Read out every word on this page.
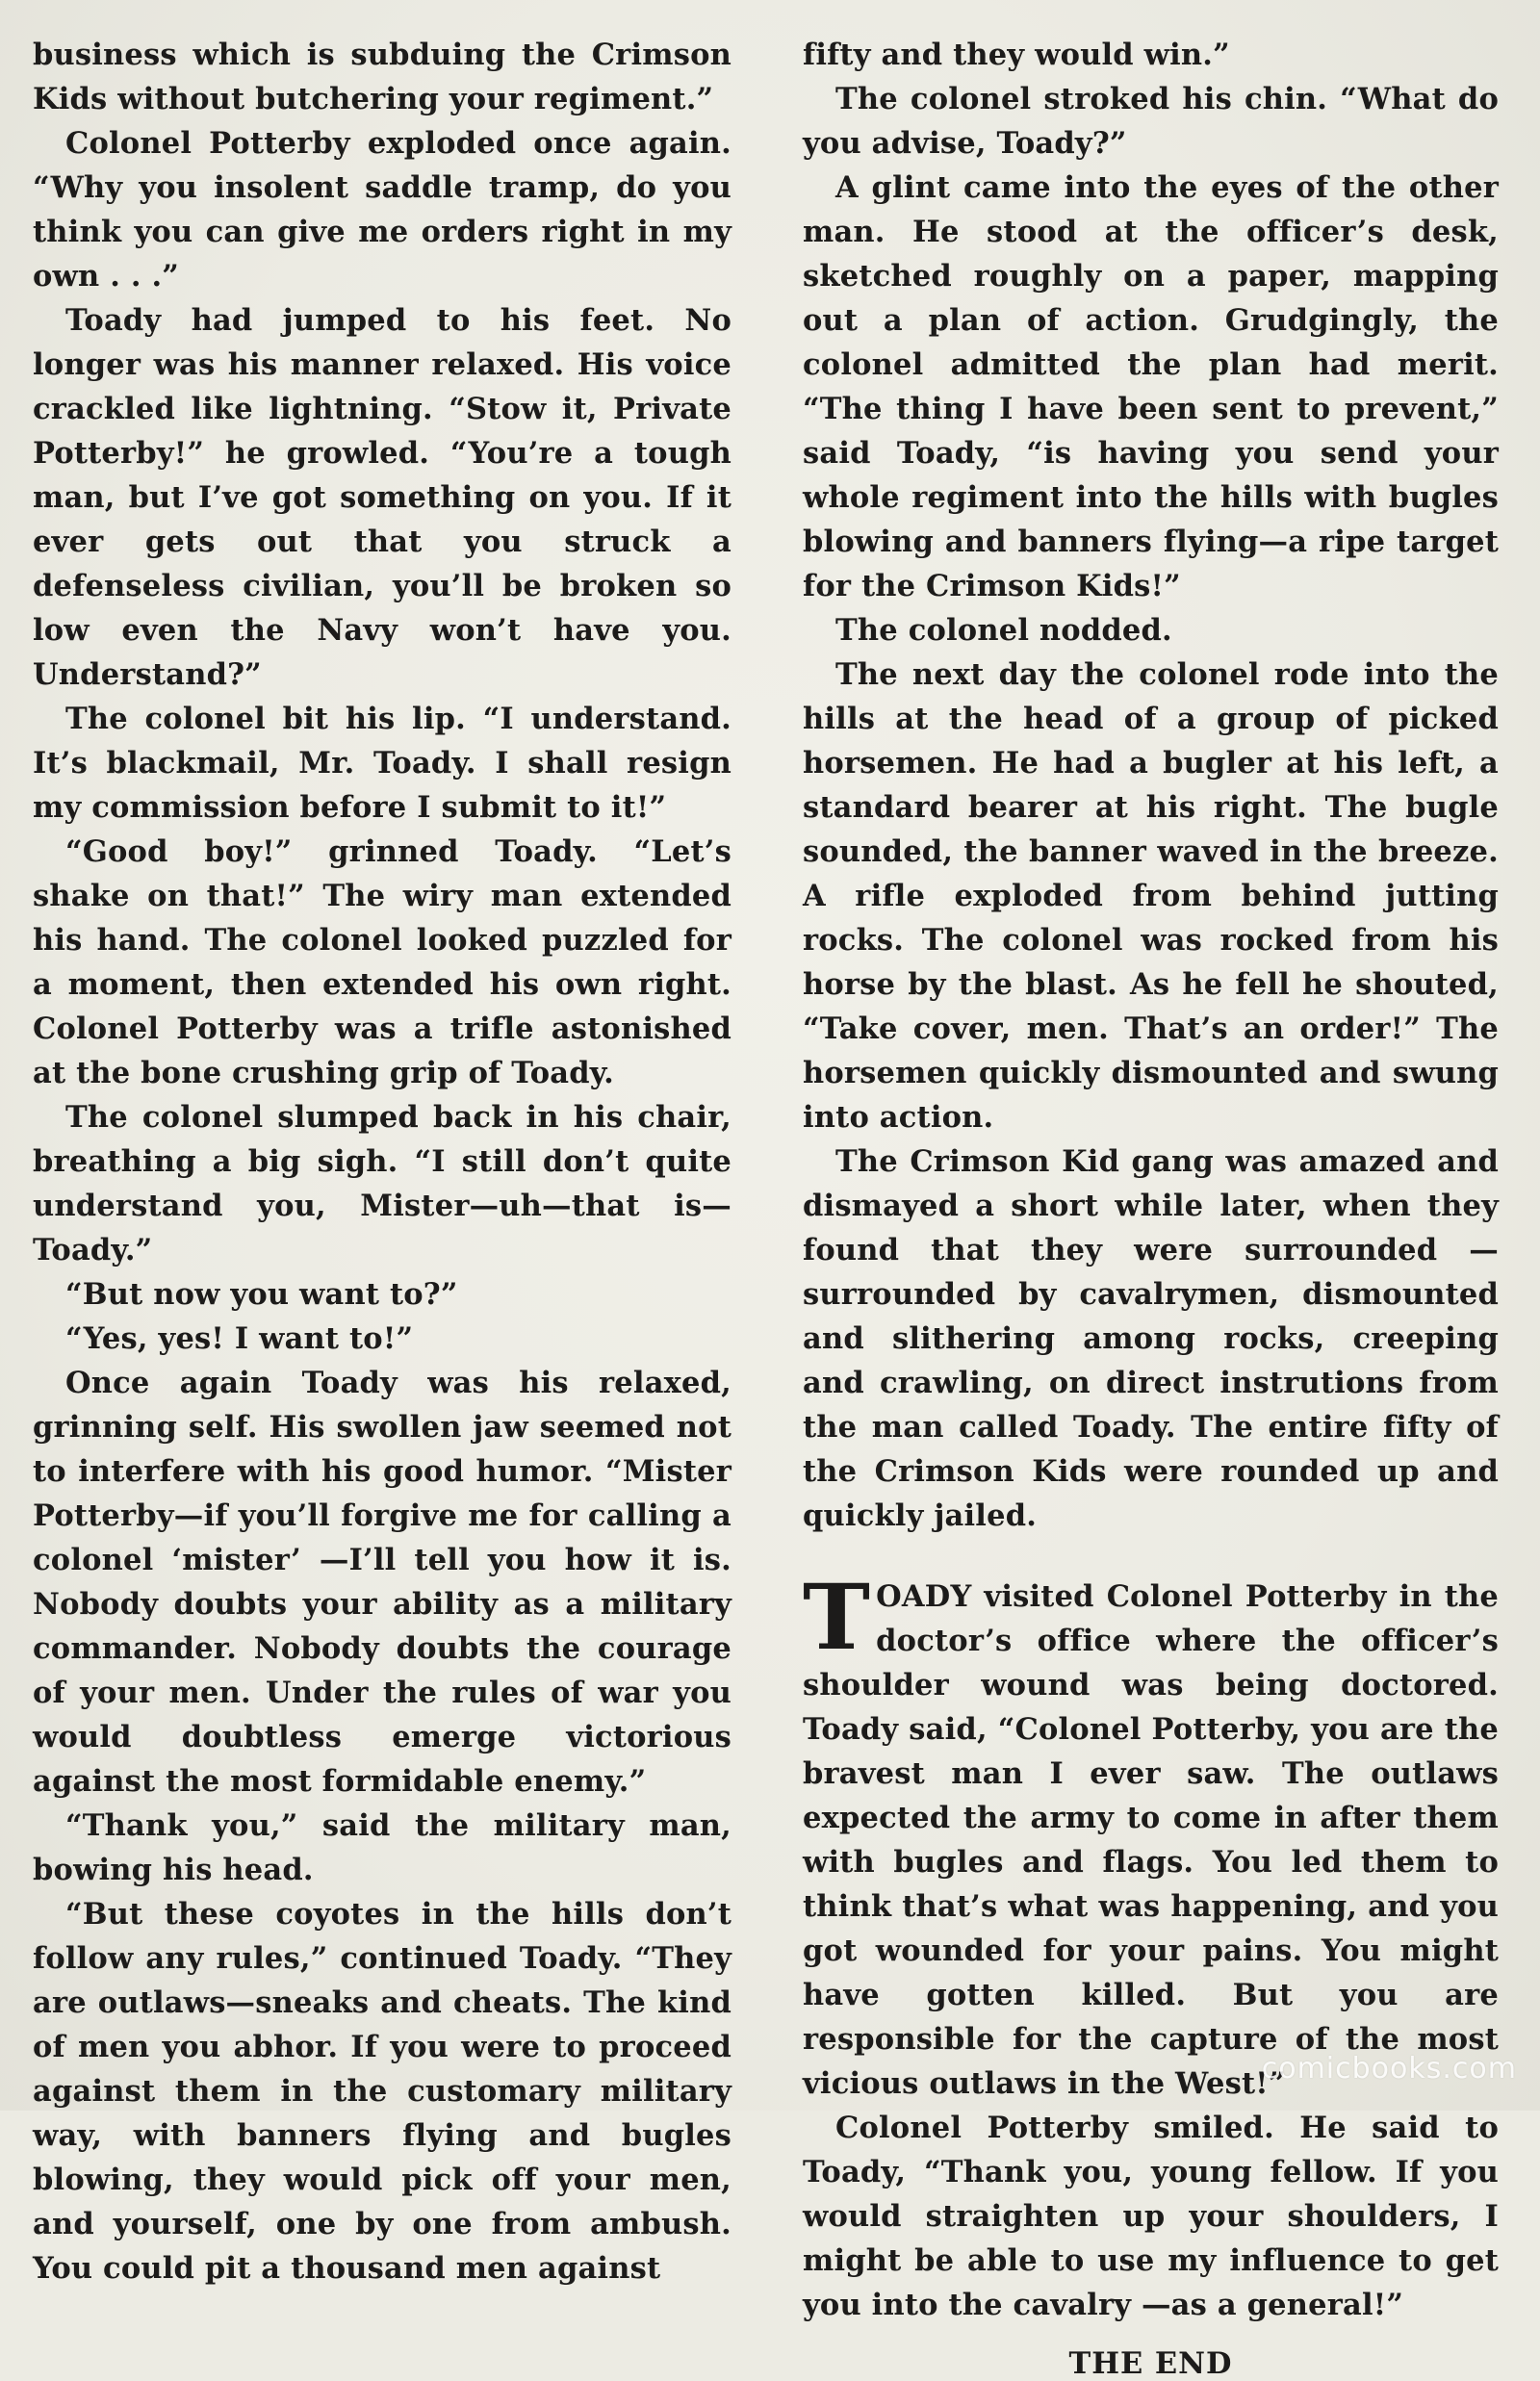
business which is subduing the Crimson Kids without butchering your regiment.”

Colonel Potterby exploded once again. “Why you insolent saddle tramp, do you think you can give me orders right in my own . . .”

Toady had jumped to his feet. No longer was his manner relaxed. His voice crackled like lightning. “Stow it, Private Potterby!” he growled. “You’re a tough man, but I’ve got something on you. If it ever gets out that you struck a defenseless civilian, you’ll be broken so low even the Navy won’t have you. Understand?”

The colonel bit his lip. “I understand. It’s blackmail, Mr. Toady. I shall resign my commission before I submit to it!”

“Good boy!” grinned Toady. “Let’s shake on that!” The wiry man extended his hand. The colonel looked puzzled for a moment, then extended his own right. Colonel Potterby was a trifle astonished at the bone crushing grip of Toady.

The colonel slumped back in his chair, breathing a big sigh. “I still don’t quite understand you, Mister—uh—that is—Toady.”

“But now you want to?”

“Yes, yes! I want to!”

Once again Toady was his relaxed, grinning self. His swollen jaw seemed not to interfere with his good humor. “Mister Potterby—if you’ll forgive me for calling a colonel ‘mister’ —I’ll tell you how it is. Nobody doubts your ability as a military commander. Nobody doubts the courage of your men. Under the rules of war you would doubtless emerge victorious against the most formidable enemy.”

“Thank you,” said the military man, bowing his head.

“But these coyotes in the hills don’t follow any rules,” continued Toady. “They are outlaws—sneaks and cheats. The kind of men you abhor. If you were to proceed against them in the customary military way, with banners flying and bugles blowing, they would pick off your men, and yourself, one by one from ambush. You could pit a thousand men against

fifty and they would win.”

The colonel stroked his chin. “What do you advise, Toady?”

A glint came into the eyes of the other man. He stood at the officer’s desk, sketched roughly on a paper, mapping out a plan of action. Grudgingly, the colonel admitted the plan had merit. “The thing I have been sent to prevent,” said Toady, “is having you send your whole regiment into the hills with bugles blowing and banners flying—a ripe target for the Crimson Kids!”

The colonel nodded.

The next day the colonel rode into the hills at the head of a group of picked horsemen. He had a bugler at his left, a standard bearer at his right. The bugle sounded, the banner waved in the breeze. A rifle exploded from behind jutting rocks. The colonel was rocked from his horse by the blast. As he fell he shouted, “Take cover, men. That’s an order!” The horsemen quickly dismounted and swung into action.

The Crimson Kid gang was amazed and dismayed a short while later, when they found that they were surrounded — surrounded by cavalrymen, dismounted and slithering among rocks, creeping and crawling, on direct instrutions from the man called Toady. The entire fifty of the Crimson Kids were rounded up and quickly jailed.

TOADY visited Colonel Potterby in the doctor’s office where the officer’s shoulder wound was being doctored. Toady said, “Colonel Potterby, you are the bravest man I ever saw. The outlaws expected the army to come in after them with bugles and flags. You led them to think that’s what was happening, and you got wounded for your pains. You might have gotten killed. But you are responsible for the capture of the most vicious outlaws in the West!”

Colonel Potterby smiled. He said to Toady, “Thank you, young fellow. If you would straighten up your shoulders, I might be able to use my influence to get you into the cavalry —as a general!”

THE END
comicbooks.com
